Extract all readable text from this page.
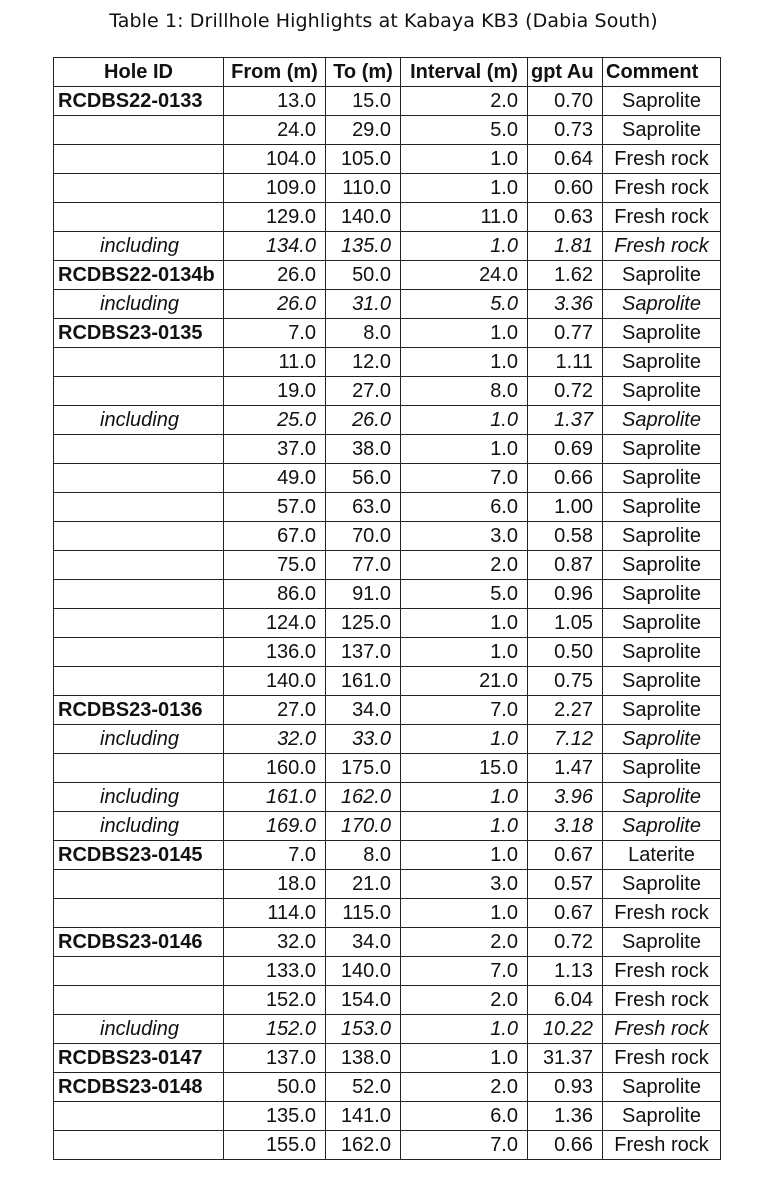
Table 1: Drillhole Highlights at Kabaya KB3 (Dabia South)
Hole ID	From (m)	To (m)	Interval (m)	gpt Au	Comment
RCDBS22-0133	13.0	15.0	2.0	0.70	Saprolite
	24.0	29.0	5.0	0.73	Saprolite
	104.0	105.0	1.0	0.64	Fresh rock
	109.0	110.0	1.0	0.60	Fresh rock
	129.0	140.0	11.0	0.63	Fresh rock
including	134.0	135.0	1.0	1.81	Fresh rock
RCDBS22-0134b	26.0	50.0	24.0	1.62	Saprolite
including	26.0	31.0	5.0	3.36	Saprolite
RCDBS23-0135	7.0	8.0	1.0	0.77	Saprolite
	11.0	12.0	1.0	1.11	Saprolite
	19.0	27.0	8.0	0.72	Saprolite
including	25.0	26.0	1.0	1.37	Saprolite
	37.0	38.0	1.0	0.69	Saprolite
	49.0	56.0	7.0	0.66	Saprolite
	57.0	63.0	6.0	1.00	Saprolite
	67.0	70.0	3.0	0.58	Saprolite
	75.0	77.0	2.0	0.87	Saprolite
	86.0	91.0	5.0	0.96	Saprolite
	124.0	125.0	1.0	1.05	Saprolite
	136.0	137.0	1.0	0.50	Saprolite
	140.0	161.0	21.0	0.75	Saprolite
RCDBS23-0136	27.0	34.0	7.0	2.27	Saprolite
including	32.0	33.0	1.0	7.12	Saprolite
	160.0	175.0	15.0	1.47	Saprolite
including	161.0	162.0	1.0	3.96	Saprolite
including	169.0	170.0	1.0	3.18	Saprolite
RCDBS23-0145	7.0	8.0	1.0	0.67	Laterite
	18.0	21.0	3.0	0.57	Saprolite
	114.0	115.0	1.0	0.67	Fresh rock
RCDBS23-0146	32.0	34.0	2.0	0.72	Saprolite
	133.0	140.0	7.0	1.13	Fresh rock
	152.0	154.0	2.0	6.04	Fresh rock
including	152.0	153.0	1.0	10.22	Fresh rock
RCDBS23-0147	137.0	138.0	1.0	31.37	Fresh rock
RCDBS23-0148	50.0	52.0	2.0	0.93	Saprolite
	135.0	141.0	6.0	1.36	Saprolite
	155.0	162.0	7.0	0.66	Fresh rock
